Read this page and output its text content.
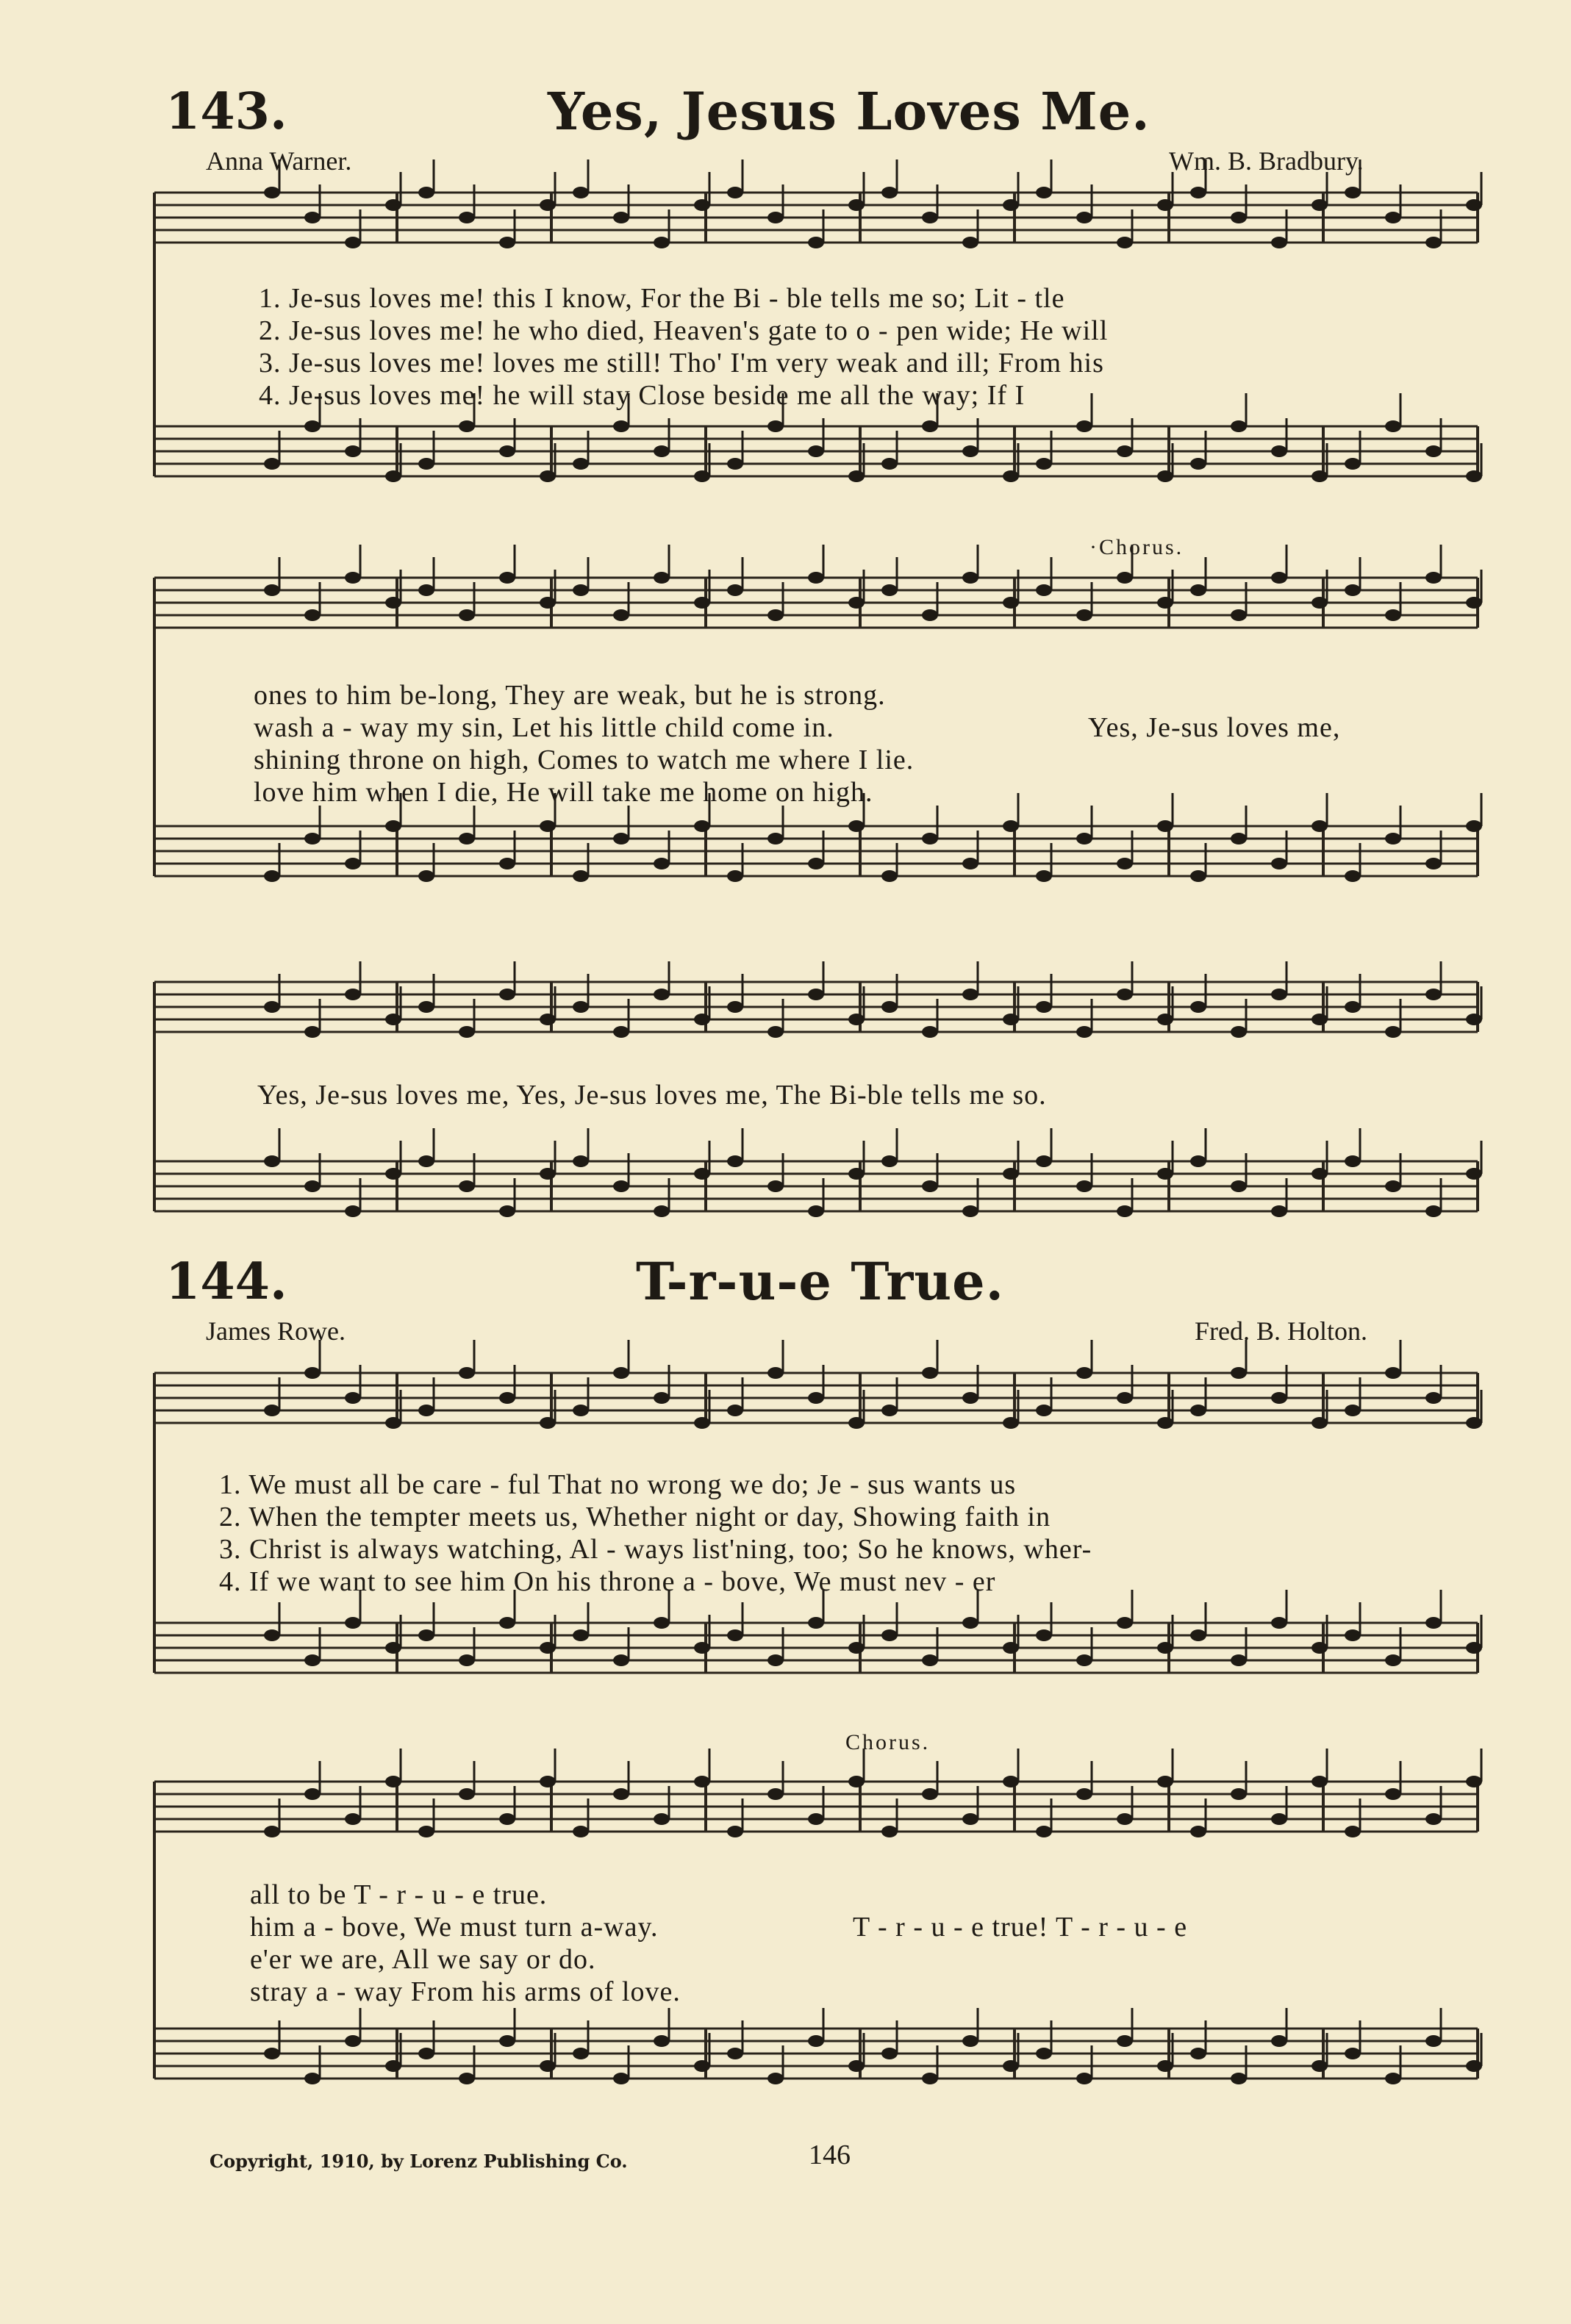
143.	Yes, Jesus Loves Me.
Anna Warner.	Wm. B. Bradbury.
1. Je-sus loves me! this I know, For the Bi - ble tells me so; Lit - tle
2. Je-sus loves me! he who died, Heaven's gate to o - pen wide; He will
3. Je-sus loves me! loves me still! Tho' I'm very weak and ill; From his
4. Je-sus loves me! he will stay Close beside me all the way; If I
·Chorus.
ones to him be-long, They are weak, but he is strong.
wash a - way my sin, Let his little child come in.	Yes, Je-sus loves me,
shining throne on high, Comes to watch me where I lie.
love him when I die, He will take me home on high.
Yes, Je-sus loves me, Yes, Je-sus loves me, The Bi-ble tells me so.
144.	T-r-u-e True.
James Rowe.	Fred. B. Holton.
1. We must all be care - ful That no wrong we do; Je - sus wants us
2. When the tempter meets us, Whether night or day, Showing faith in
3. Christ is always watching, Al - ways list'ning, too; So he knows, wher-
4. If we want to see him On his throne a - bove, We must nev - er
Chorus.
all to be T - r - u - e true.
him a - bove, We must turn a-way.	T - r - u - e true! T - r - u - e
e'er we are, All we say or do.
stray a - way From his arms of love.
Copyright, 1910, by Lorenz Publishing Co.	146
